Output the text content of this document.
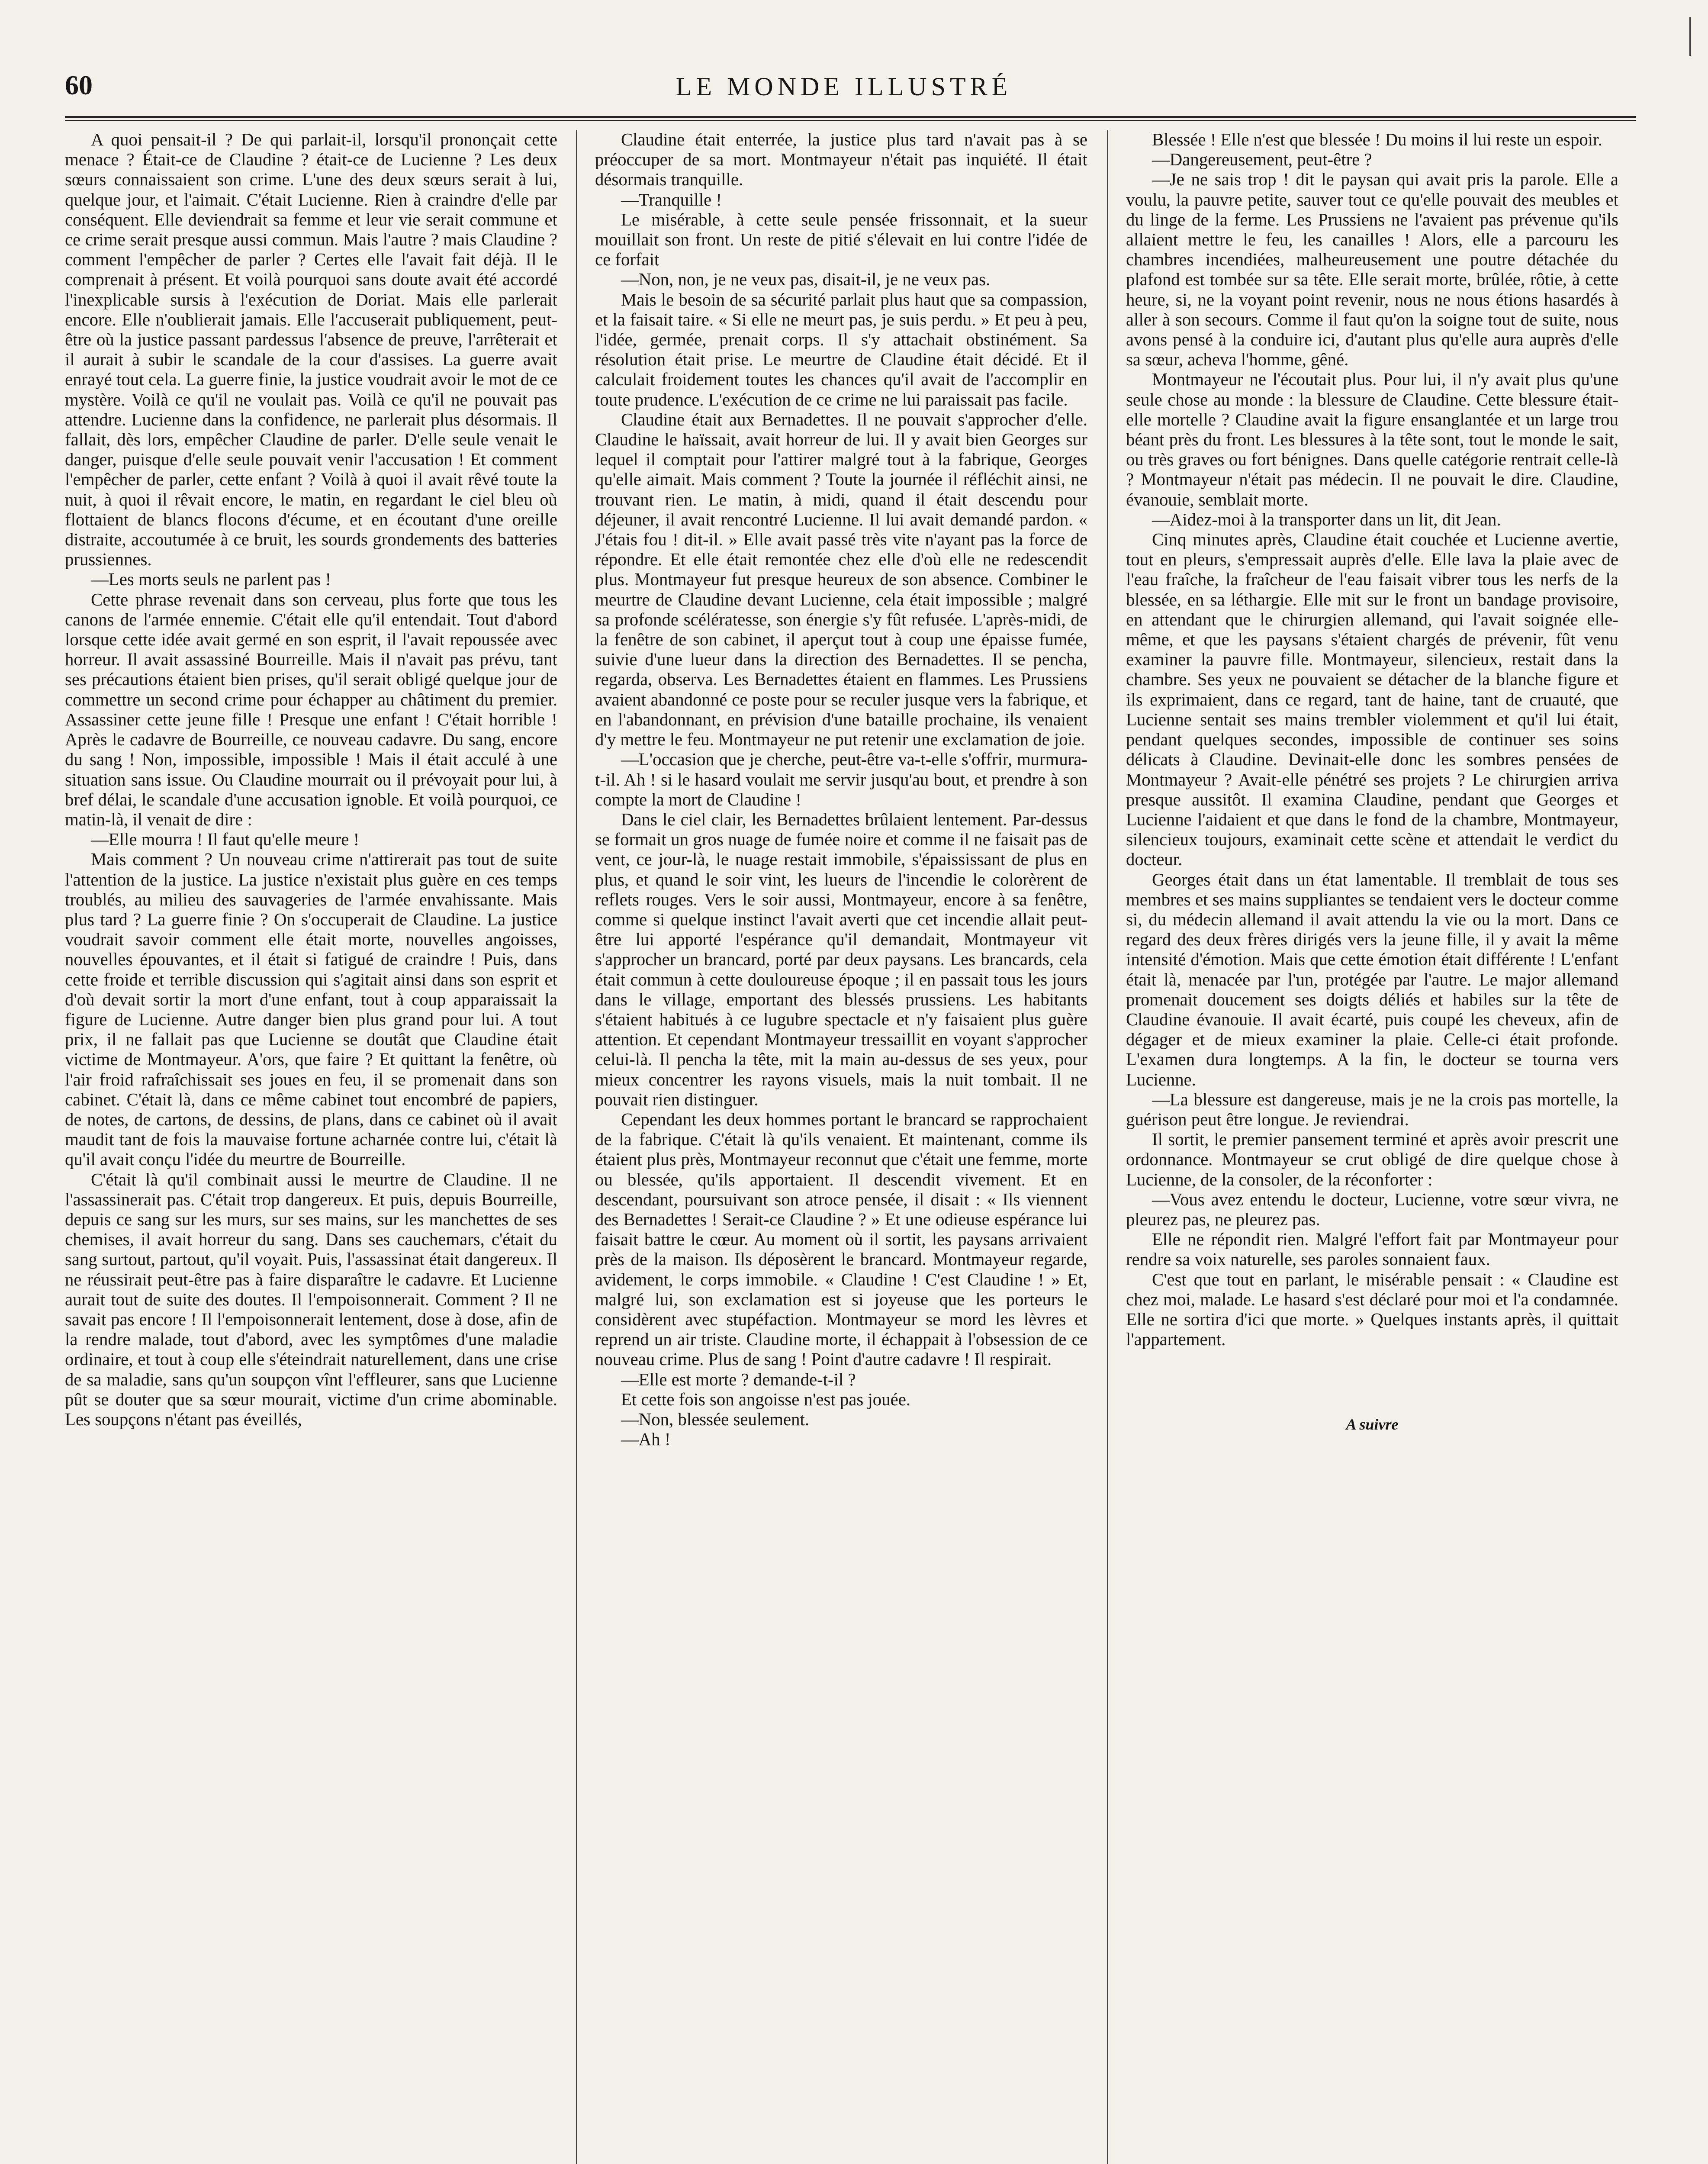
60	LE MONDE ILLUSTRÉ

A quoi pensait-il ? De qui parlait-il, lorsqu'il prononçait cette menace ? Était-ce de Claudine ? était-ce de Lucienne ? Les deux sœurs connaissaient son crime. L'une des deux sœurs serait à lui, quelque jour, et l'aimait. C'était Lucienne. Rien à craindre d'elle par conséquent. Elle deviendrait sa femme et leur vie serait commune et ce crime serait presque aussi commun. Mais l'autre ? mais Claudine ? comment l'empêcher de parler ? Certes elle l'avait fait déjà. Il le comprenait à présent. Et voilà pourquoi sans doute avait été accordé l'inexplicable sursis à l'exécution de Doriat. Mais elle parlerait encore. Elle n'oublierait jamais. Elle l'accuserait publiquement, peut-être où la justice passant pardessus l'absence de preuve, l'arrêterait et il aurait à subir le scandale de la cour d'assises. La guerre avait enrayé tout cela. La guerre finie, la justice voudrait avoir le mot de ce mystère. Voilà ce qu'il ne voulait pas. Voilà ce qu'il ne pouvait pas attendre. Lucienne dans la confidence, ne parlerait plus désormais. Il fallait, dès lors, empêcher Claudine de parler. D'elle seule venait le danger, puisque d'elle seule pouvait venir l'accusation ! Et comment l'empêcher de parler, cette enfant ? Voilà à quoi il avait rêvé toute la nuit, à quoi il rêvait encore, le matin, en regardant le ciel bleu où flottaient de blancs flocons d'écume, et en écoutant d'une oreille distraite, accoutumée à ce bruit, les sourds grondements des batteries prussiennes.

—Les morts seuls ne parlent pas !

Cette phrase revenait dans son cerveau, plus forte que tous les canons de l'armée ennemie. C'était elle qu'il entendait. Tout d'abord lorsque cette idée avait germé en son esprit, il l'avait repoussée avec horreur. Il avait assassiné Bourreille. Mais il n'avait pas prévu, tant ses précautions étaient bien prises, qu'il serait obligé quelque jour de commettre un second crime pour échapper au châtiment du premier. Assassiner cette jeune fille ! Presque une enfant ! C'était horrible ! Après le cadavre de Bourreille, ce nouveau cadavre. Du sang, encore du sang ! Non, impossible, impossible ! Mais il était acculé à une situation sans issue. Ou Claudine mourrait ou il prévoyait pour lui, à bref délai, le scandale d'une accusation ignoble. Et voilà pourquoi, ce matin-là, il venait de dire :

—Elle mourra ! Il faut qu'elle meure !

Mais comment ? Un nouveau crime n'attirerait pas tout de suite l'attention de la justice. La justice n'existait plus guère en ces temps troublés, au milieu des sauvageries de l'armée envahissante. Mais plus tard ? La guerre finie ? On s'occuperait de Claudine. La justice voudrait savoir comment elle était morte, nouvelles angoisses, nouvelles épouvantes, et il était si fatigué de craindre ! Puis, dans cette froide et terrible discussion qui s'agitait ainsi dans son esprit et d'où devait sortir la mort d'une enfant, tout à coup apparaissait la figure de Lucienne. Autre danger bien plus grand pour lui. A tout prix, il ne fallait pas que Lucienne se doutât que Claudine était victime de Montmayeur. A'ors, que faire ? Et quittant la fenêtre, où l'air froid rafraîchissait ses joues en feu, il se promenait dans son cabinet. C'était là, dans ce même cabinet tout encombré de papiers, de notes, de cartons, de dessins, de plans, dans ce cabinet où il avait maudit tant de fois la mauvaise fortune acharnée contre lui, c'était là qu'il avait conçu l'idée du meurtre de Bourreille.

C'était là qu'il combinait aussi le meurtre de Claudine. Il ne l'assassinerait pas. C'était trop dangereux. Et puis, depuis Bourreille, depuis ce sang sur les murs, sur ses mains, sur les manchettes de ses chemises, il avait horreur du sang. Dans ses cauchemars, c'était du sang surtout, partout, qu'il voyait. Puis, l'assassinat était dangereux. Il ne réussirait peut-être pas à faire disparaître le cadavre. Et Lucienne aurait tout de suite des doutes. Il l'empoisonnerait. Comment ? Il ne savait pas encore ! Il l'empoisonnerait lentement, dose à dose, afin de la rendre malade, tout d'abord, avec les symptômes d'une maladie ordinaire, et tout à coup elle s'éteindrait naturellement, dans une crise de sa maladie, sans qu'un soupçon vînt l'effleurer, sans que Lucienne pût se douter que sa sœur mourait, victime d'un crime abominable. Les soupçons n'étant pas éveillés,

Claudine était enterrée, la justice plus tard n'avait pas à se préoccuper de sa mort. Montmayeur n'était pas inquiété. Il était désormais tranquille.

—Tranquille !

Le misérable, à cette seule pensée frissonnait, et la sueur mouillait son front. Un reste de pitié s'élevait en lui contre l'idée de ce forfait

—Non, non, je ne veux pas, disait-il, je ne veux pas.

Mais le besoin de sa sécurité parlait plus haut que sa compassion, et la faisait taire. « Si elle ne meurt pas, je suis perdu. » Et peu à peu, l'idée, germée, prenait corps. Il s'y attachait obstinément. Sa résolution était prise. Le meurtre de Claudine était décidé. Et il calculait froidement toutes les chances qu'il avait de l'accomplir en toute prudence. L'exécution de ce crime ne lui paraissait pas facile.

Claudine était aux Bernadettes. Il ne pouvait s'approcher d'elle. Claudine le haïssait, avait horreur de lui. Il y avait bien Georges sur lequel il comptait pour l'attirer malgré tout à la fabrique, Georges qu'elle aimait. Mais comment ? Toute la journée il réfléchit ainsi, ne trouvant rien. Le matin, à midi, quand il était descendu pour déjeuner, il avait rencontré Lucienne. Il lui avait demandé pardon. « J'étais fou ! dit-il. » Elle avait passé très vite n'ayant pas la force de répondre. Et elle était remontée chez elle d'où elle ne redescendit plus. Montmayeur fut presque heureux de son absence. Combiner le meurtre de Claudine devant Lucienne, cela était impossible ; malgré sa profonde scélératesse, son énergie s'y fût refusée. L'après-midi, de la fenêtre de son cabinet, il aperçut tout à coup une épaisse fumée, suivie d'une lueur dans la direction des Bernadettes. Il se pencha, regarda, observa. Les Bernadettes étaient en flammes. Les Prussiens avaient abandonné ce poste pour se reculer jusque vers la fabrique, et en l'abandonnant, en prévision d'une bataille prochaine, ils venaient d'y mettre le feu. Montmayeur ne put retenir une exclamation de joie.

—L'occasion que je cherche, peut-être va-t-elle s'offrir, murmura-t-il. Ah ! si le hasard voulait me servir jusqu'au bout, et prendre à son compte la mort de Claudine !

Dans le ciel clair, les Bernadettes brûlaient lentement. Par-dessus se formait un gros nuage de fumée noire et comme il ne faisait pas de vent, ce jour-là, le nuage restait immobile, s'épaississant de plus en plus, et quand le soir vint, les lueurs de l'incendie le colorèrent de reflets rouges. Vers le soir aussi, Montmayeur, encore à sa fenêtre, comme si quelque instinct l'avait averti que cet incendie allait peut-être lui apporté l'espérance qu'il demandait, Montmayeur vit s'approcher un brancard, porté par deux paysans. Les brancards, cela était commun à cette douloureuse époque ; il en passait tous les jours dans le village, emportant des blessés prussiens. Les habitants s'étaient habitués à ce lugubre spectacle et n'y faisaient plus guère attention. Et cependant Montmayeur tressaillit en voyant s'approcher celui-là. Il pencha la tête, mit la main au-dessus de ses yeux, pour mieux concentrer les rayons visuels, mais la nuit tombait. Il ne pouvait rien distinguer.

Cependant les deux hommes portant le brancard se rapprochaient de la fabrique. C'était là qu'ils venaient. Et maintenant, comme ils étaient plus près, Montmayeur reconnut que c'était une femme, morte ou blessée, qu'ils apportaient. Il descendit vivement. Et en descendant, poursuivant son atroce pensée, il disait : « Ils viennent des Bernadettes ! Serait-ce Claudine ? » Et une odieuse espérance lui faisait battre le cœur. Au moment où il sortit, les paysans arrivaient près de la maison. Ils déposèrent le brancard. Montmayeur regarde, avidement, le corps immobile. « Claudine ! C'est Claudine ! » Et, malgré lui, son exclamation est si joyeuse que les porteurs le considèrent avec stupéfaction. Montmayeur se mord les lèvres et reprend un air triste. Claudine morte, il échappait à l'obsession de ce nouveau crime. Plus de sang ! Point d'autre cadavre ! Il respirait.

—Elle est morte ? demande-t-il ?

Et cette fois son angoisse n'est pas jouée.

—Non, blessée seulement.

—Ah !

Blessée ! Elle n'est que blessée ! Du moins il lui reste un espoir.

—Dangereusement, peut-être ?

—Je ne sais trop ! dit le paysan qui avait pris la parole. Elle a voulu, la pauvre petite, sauver tout ce qu'elle pouvait des meubles et du linge de la ferme. Les Prussiens ne l'avaient pas prévenue qu'ils allaient mettre le feu, les canailles ! Alors, elle a parcouru les chambres incendiées, malheureusement une poutre détachée du plafond est tombée sur sa tête. Elle serait morte, brûlée, rôtie, à cette heure, si, ne la voyant point revenir, nous ne nous étions hasardés à aller à son secours. Comme il faut qu'on la soigne tout de suite, nous avons pensé à la conduire ici, d'autant plus qu'elle aura auprès d'elle sa sœur, acheva l'homme, gêné.

Montmayeur ne l'écoutait plus. Pour lui, il n'y avait plus qu'une seule chose au monde : la blessure de Claudine. Cette blessure était-elle mortelle ? Claudine avait la figure ensanglantée et un large trou béant près du front. Les blessures à la tête sont, tout le monde le sait, ou très graves ou fort bénignes. Dans quelle catégorie rentrait celle-là ? Montmayeur n'était pas médecin. Il ne pouvait le dire. Claudine, évanouie, semblait morte.

—Aidez-moi à la transporter dans un lit, dit Jean.

Cinq minutes après, Claudine était couchée et Lucienne avertie, tout en pleurs, s'empressait auprès d'elle. Elle lava la plaie avec de l'eau fraîche, la fraîcheur de l'eau faisait vibrer tous les nerfs de la blessée, en sa léthargie. Elle mit sur le front un bandage provisoire, en attendant que le chirurgien allemand, qui l'avait soignée elle-même, et que les paysans s'étaient chargés de prévenir, fût venu examiner la pauvre fille. Montmayeur, silencieux, restait dans la chambre. Ses yeux ne pouvaient se détacher de la blanche figure et ils exprimaient, dans ce regard, tant de haine, tant de cruauté, que Lucienne sentait ses mains trembler violemment et qu'il lui était, pendant quelques secondes, impossible de continuer ses soins délicats à Claudine. Devinait-elle donc les sombres pensées de Montmayeur ? Avait-elle pénétré ses projets ? Le chirurgien arriva presque aussitôt. Il examina Claudine, pendant que Georges et Lucienne l'aidaient et que dans le fond de la chambre, Montmayeur, silencieux toujours, examinait cette scène et attendait le verdict du docteur.

Georges était dans un état lamentable. Il tremblait de tous ses membres et ses mains suppliantes se tendaient vers le docteur comme si, du médecin allemand il avait attendu la vie ou la mort. Dans ce regard des deux frères dirigés vers la jeune fille, il y avait la même intensité d'émotion. Mais que cette émotion était différente ! L'enfant était là, menacée par l'un, protégée par l'autre. Le major allemand promenait doucement ses doigts déliés et habiles sur la tête de Claudine évanouie. Il avait écarté, puis coupé les cheveux, afin de dégager et de mieux examiner la plaie. Celle-ci était profonde. L'examen dura longtemps. A la fin, le docteur se tourna vers Lucienne.

—La blessure est dangereuse, mais je ne la crois pas mortelle, la guérison peut être longue. Je reviendrai.

Il sortit, le premier pansement terminé et après avoir prescrit une ordonnance. Montmayeur se crut obligé de dire quelque chose à Lucienne, de la consoler, de la réconforter :

—Vous avez entendu le docteur, Lucienne, votre sœur vivra, ne pleurez pas, ne pleurez pas.

Elle ne répondit rien. Malgré l'effort fait par Montmayeur pour rendre sa voix naturelle, ses paroles sonnaient faux.

C'est que tout en parlant, le misérable pensait : « Claudine est chez moi, malade. Le hasard s'est déclaré pour moi et l'a condamnée. Elle ne sortira d'ici que morte. » Quelques instants après, il quittait l'appartement.

A suivre
